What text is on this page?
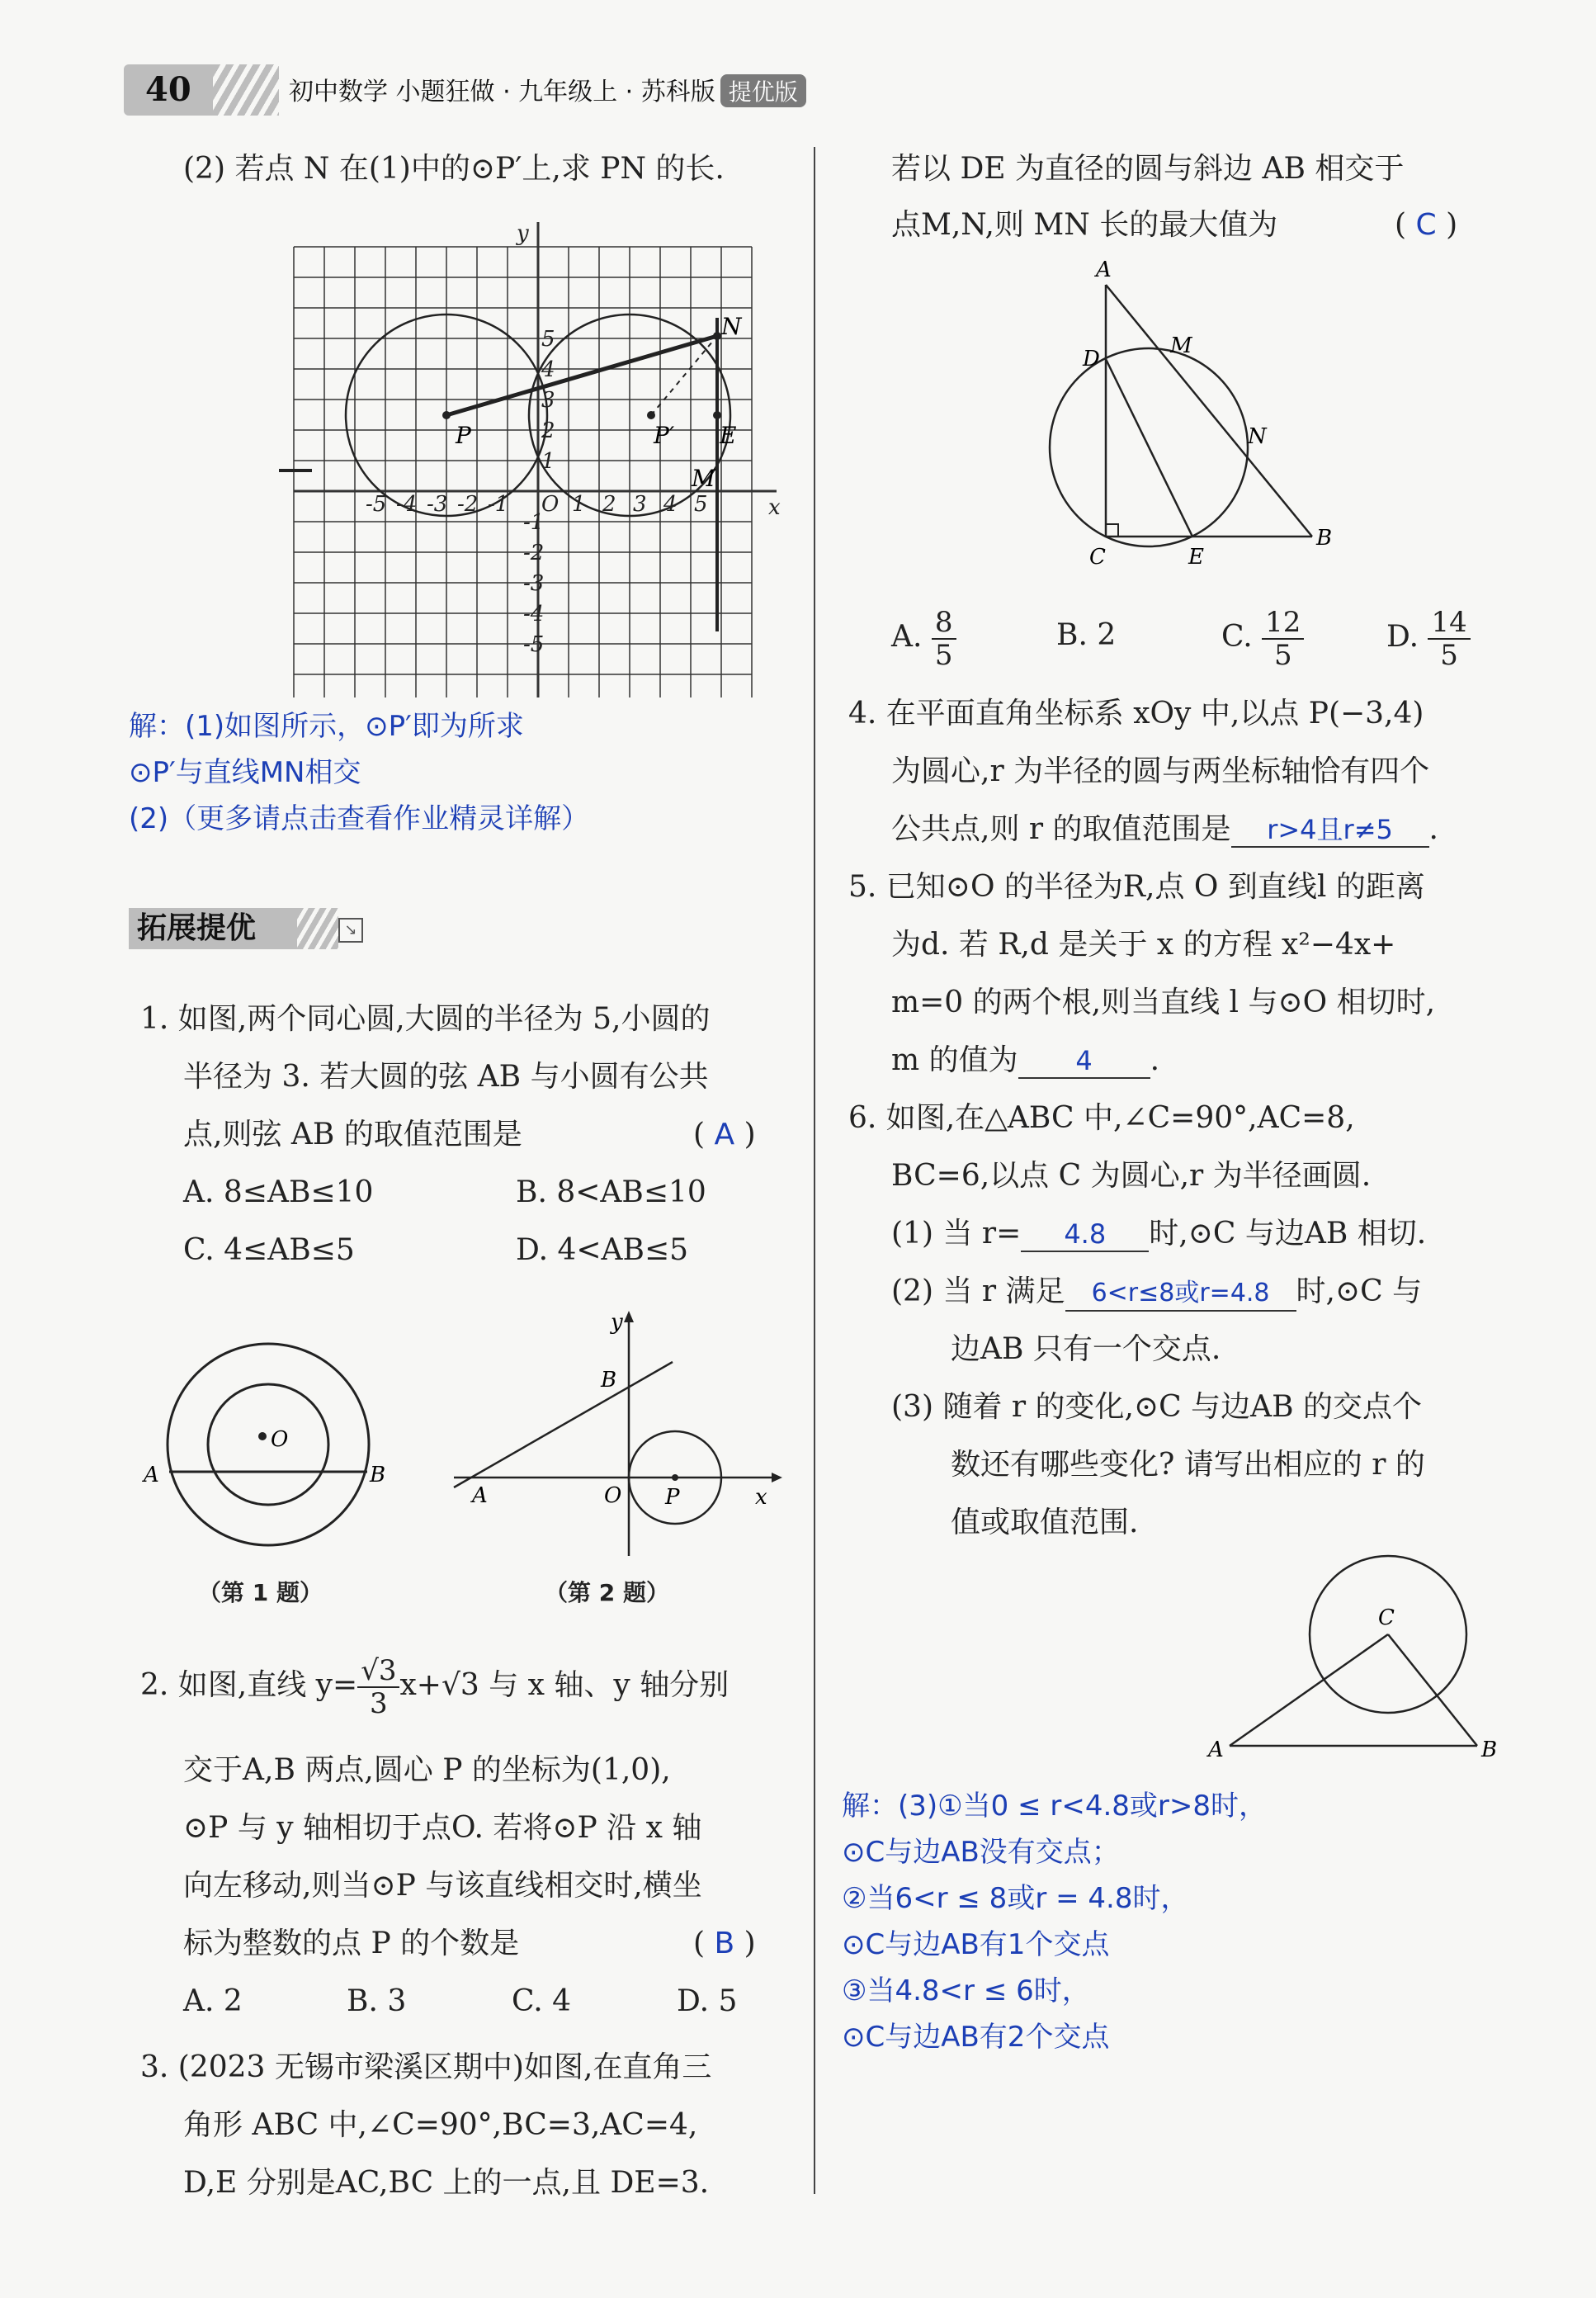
40	初中数学 小题狂做 · 九年级上 · 苏科版 提优版
(2) 若点 N 在(1)中的⊙P′上,求 PN 的长.
-5 -4 -3 -2 -1 O 1 2 3 4 5
5
4
3
2
1
-1
-2
-3
-4
-5
x
y
P	P′
N
E
M
解：(1)如图所示，⊙P′即为所求
⊙P′与直线MN相交
(2)（更多请点击查看作业精灵详解）
拓展提优	↘
1. 如图,两个同心圆,大圆的半径为 5,小圆的
半径为 3. 若大圆的弦 AB 与小圆有公共
点,则弦 AB 的取值范围是	( A )
A. 8≤AB≤10	B. 8<AB≤10
C. 4≤AB≤5	D. 4<AB≤5
O
A	B
（第 1 题）
y
B
A	O P	x
（第 2 题）
2. 如图,直线 $y= \frac{√3}{3} x+√3$ 与 x 轴、y 轴分别
交于A,B 两点,圆心 P 的坐标为(1,0),
⊙P 与 y 轴相切于点O. 若将⊙P 沿 x 轴
向左移动,则当⊙P 与该直线相交时,横坐
标为整数的点 P 的个数是	( B )
A. 2	B. 3	C. 4	D. 5
3. (2023 无锡市梁溪区期中)如图,在直角三
角形 ABC 中,∠C=90°,BC=3,AC=4,
D,E 分别是AC,BC 上的一点,且 DE=3.
若以 DE 为直径的圆与斜边 AB 相交于
点M,N,则 MN 长的最大值为	( C )
A
D
M
N
B
C	E
A. $\frac{8}{5}$	B. 2	C. $\frac{12}{5}$	D. $\frac{14}{5}$
4. 在平面直角坐标系 xOy 中,以点 P(−3,4)
为圆心,r 为半径的圆与两坐标轴恰有四个
公共点,则 r 的取值范围是 r>4且r≠5 .
5. 已知⊙O 的半径为R,点 O 到直线l 的距离
为d. 若 R,d 是关于 x 的方程 x²−4x+
m=0 的两个根,则当直线 l 与⊙O 相切时,
m 的值为 4 .
6. 如图,在△ABC 中,∠C=90°,AC=8,
BC=6,以点 C 为圆心,r 为半径画圆.
(1) 当 r= 4.8 时,⊙C 与边AB 相切.
(2) 当 r 满足 6<r≤8或r=4.8 时,⊙C 与
边AB 只有一个交点.
(3) 随着 r 的变化,⊙C 与边AB 的交点个
数还有哪些变化? 请写出相应的 r 的
值或取值范围.
C
A	B
解：(3)①当0 ≤ r<4.8或r>8时，
⊙C与边AB没有交点；
②当6<r ≤ 8或r = 4.8时，
⊙C与边AB有1个交点
③当4.8<r ≤ 6时，
⊙C与边AB有2个交点
